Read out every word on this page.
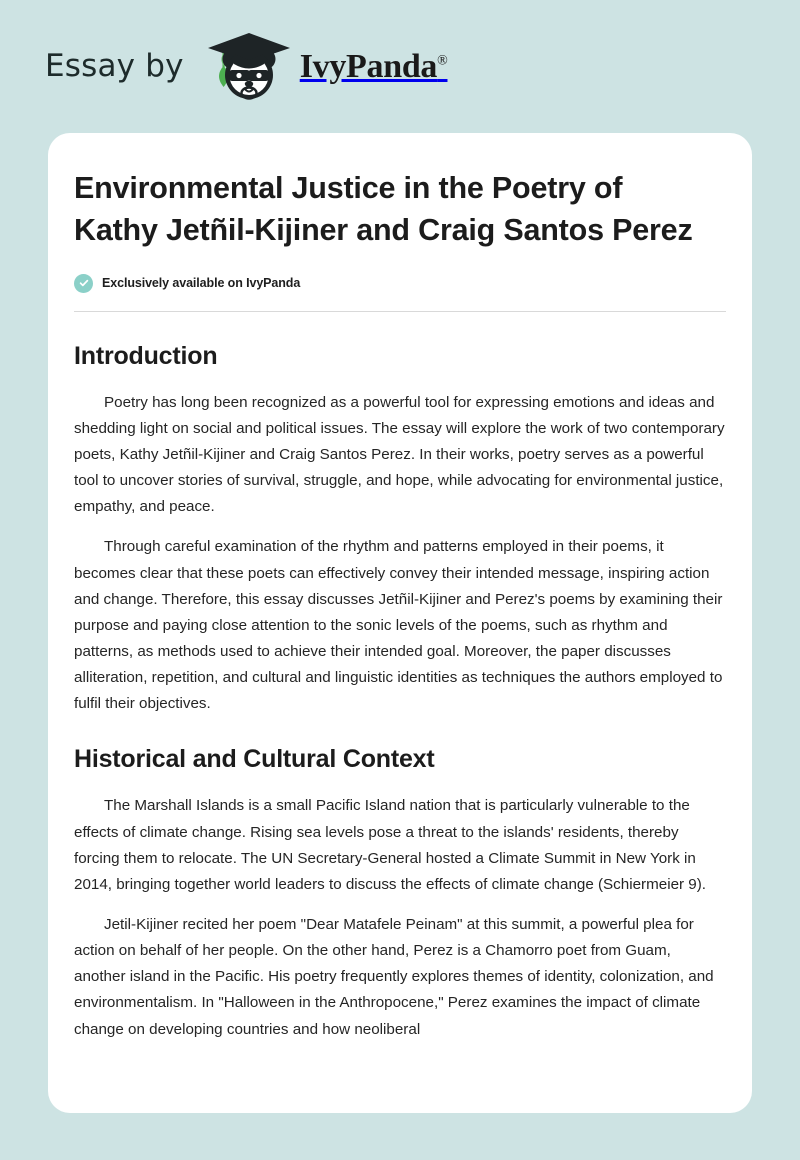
Essay by	IvyPanda®
Environmental Justice in the Poetry of Kathy Jetñil-Kijiner and Craig Santos Perez
Exclusively available on IvyPanda
Introduction

Poetry has long been recognized as a powerful tool for expressing emotions and ideas and shedding light on social and political issues. The essay will explore the work of two contemporary poets, Kathy Jetñil-Kijiner and Craig Santos Perez. In their works, poetry serves as a powerful tool to uncover stories of survival, struggle, and hope, while advocating for environmental justice, empathy, and peace.

Through careful examination of the rhythm and patterns employed in their poems, it becomes clear that these poets can effectively convey their intended message, inspiring action and change. Therefore, this essay discusses Jetñil-Kijiner and Perez's poems by examining their purpose and paying close attention to the sonic levels of the poems, such as rhythm and patterns, as methods used to achieve their intended goal. Moreover, the paper discusses alliteration, repetition, and cultural and linguistic identities as techniques the authors employed to fulfil their objectives.

Historical and Cultural Context

The Marshall Islands is a small Pacific Island nation that is particularly vulnerable to the effects of climate change. Rising sea levels pose a threat to the islands' residents, thereby forcing them to relocate. The UN Secretary-General hosted a Climate Summit in New York in 2014, bringing together world leaders to discuss the effects of climate change (Schiermeier 9).

Jetil-Kijiner recited her poem "Dear Matafele Peinam" at this summit, a powerful plea for action on behalf of her people. On the other hand, Perez is a Chamorro poet from Guam, another island in the Pacific. His poetry frequently explores themes of identity, colonization, and environmentalism. In "Halloween in the Anthropocene," Perez examines the impact of climate change on developing countries and how neoliberal
